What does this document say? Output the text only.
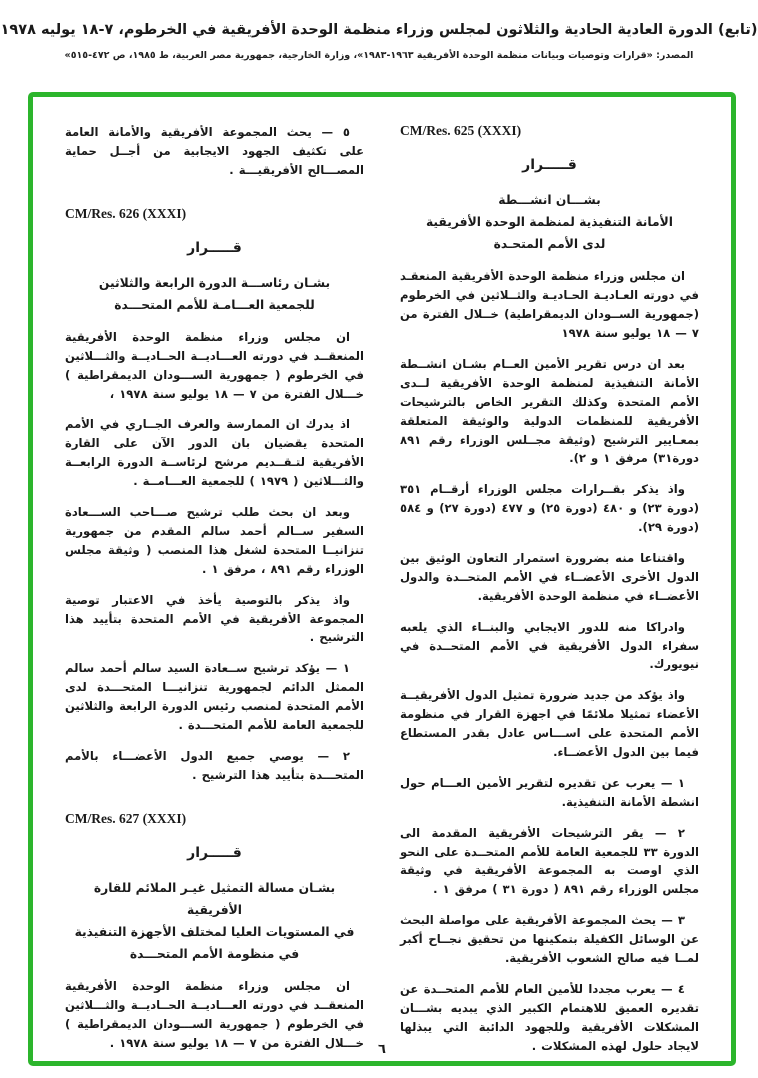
(تابع) الدورة العادية الحادية والثلاثون لمجلس وزراء منظمة الوحدة الأفريقية في الخرطوم، ٧-١٨ يوليه ١٩٧٨
المصدر: «قرارات وتوصيات وبيانات منظمة الوحدة الأفريقية ١٩٦٣-١٩٨٣»، وزارة الخارجية، جمهورية مصر العربية، ط ١٩٨٥، ص ٤٧٢-٥١٥»
CM/Res. 625 (XXXI)
قـــــرار
بشـــان انشـــطة
الأمانة التنفيذية لمنظمة الوحدة الأفريقية
لدى الأمم المتحـدة

ان مجلس وزراء منظمة الوحدة الأفريقية المنعقـد في دورته العـاديـة الحـاديـة والثــلاثين في الخرطوم (جمهورية الســودان الديمقراطية) خــلال الفترة من ٧ — ١٨ يوليو سنة ١٩٧٨

بعد ان درس تقرير الأمين العــام بشـان انشــطة الأمانة التنفيذية لمنظمة الوحدة الأفريقية لــدى الأمم المتحدة وكذلك التقرير الخاص بالترشيحات الأفريقية للمنظمات الدولية والوثيقة المتعلقة بمعـايير الترشيح (وثيقة مجــلس الوزراء رقم ٨٩١ دورة٣١) مرفق ١ و ٢).

واذ يذكر بقــرارات مجلس الوزراء أرقــام ٣٥١ (دورة ٢٣) و ٤٨٠ (دورة ٢٥) و ٤٧٧ (دورة ٢٧) و ٥٨٤ (دورة ٢٩).

واقتناعا منه بضرورة استمرار التعاون الوثيق بين الدول الأخرى الأعضــاء في الأمم المتحــدة والدول الأعضــاء في منظمة الوحدة الأفريقية.

وادراكا منه للدور الايجابي والبنــاء الذي يلعبه سفراء الدول الأفريقية في الأمم المتحــدة في نيويورك.

واذ يؤكد من جديد ضرورة تمثيل الدول الأفريقيــة الأعضاء تمثيلا ملائمًا في اجهزة القرار في منظومة الأمم المتحدة على اســـاس عادل بقدر المستطاع فيما بين الدول الأعضــاء.

١ — يعرب عن تقديره لتقرير الأمين العـــام حول انشطة الأمانة التنفيذية.

٢ — يقر الترشيحات الأفريقية المقدمة الى الدورة ٣٣ للجمعية العامة للأمم المتحــدة على النحو الذي اوصت به المجموعة الأفريقية في وثيقة مجلس الوزراء رقم ٨٩١ ( دورة ٣١ ) مرفق ١ .

٣ — يحث المجموعة الأفريقية على مواصلة البحث عن الوسائل الكفيلة بتمكينها من تحقيق نجــاح أكبر لمــا فيه صالح الشعوب الأفريقية.

٤ — يعرب مجددا للأمين العام للأمم المتحــدة عن تقديره العميق للاهتمام الكبير الذي يبديه بشـــان المشكلات الأفريقية وللجهود الدائبة التي يبذلها لايجاد حلول لهذه المشكلات .

٥ — يحث المجموعة الأفريقية والأمانة العامة على تكثيف الجهود الايجابية من أجــل حماية المصـــالح الأفريقيـــة .

CM/Res. 626 (XXXI)
قـــــرار
بشـان رئاســـة الدورة الرابعة والثلاثين
للجمعية العـــامـة للأمم المتحـــدة

ان مجلس وزراء منظمة الوحدة الأفريقية المنعقــد في دورته العـــاديــة الحــاديــة والثـــلاثين في الخرطوم ( جمهورية الســـودان الديمقراطية ) خـــلال الفترة من ٧ — ١٨ يوليو سنة ١٩٧٨ ،

اذ يدرك ان الممارسة والعرف الجــاري في الأمم المتحدة يقضيان بان الدور الآن على القارة الأفريقية لتـقــديم مرشح لرئاســة الدورة الرابعــة والثـــلاثين ( ١٩٧٩ ) للجمعية العـــامــة .

وبعد ان بحث طلب ترشيح صـــاحب الســـعادة السفير ســالم أحمد سالم المقدم من جمهورية تنزانيــا المتحدة لشغل هذا المنصب ( وثيقة مجلس الوزراء رقم ٨٩١ ، مرفق ١ .

واذ يذكر بالتوصية يأخذ في الاعتبار توصية المجموعة الأفريقية في الأمم المتحدة بتأييد هذا الترشيح .

١ — يؤكد ترشيح ســعادة السيد سالم أحمد سالم الممثل الدائم لجمهورية تنزانيـــا المتحـــدة لدى الأمم المتحدة لمنصب رئيس الدورة الرابعة والثلاثين للجمعية العامة للأمم المتحـــدة .

٢ — يوصي جميع الدول الأعضـــاء بالأمم المتحـــدة بتأييد هذا الترشيح .

CM/Res. 627 (XXXI)
قـــــرار
بشـان مسالة التمثيل غيـر الملائم للقارة الأفريقية
في المستويات العليا لمختلف الأجهزة التنفيذية
في منظومة الأمم المتحـــدة

ان مجلس وزراء منظمة الوحدة الأفريقية المنعقــد في دورته العـــاديــة الحــاديــة والثـــلاثين في الخرطوم ( جمهورية الســـودان الديمقراطية ) خـــلال الفترة من ٧ — ١٨ يوليو سنة ١٩٧٨ .	٦
